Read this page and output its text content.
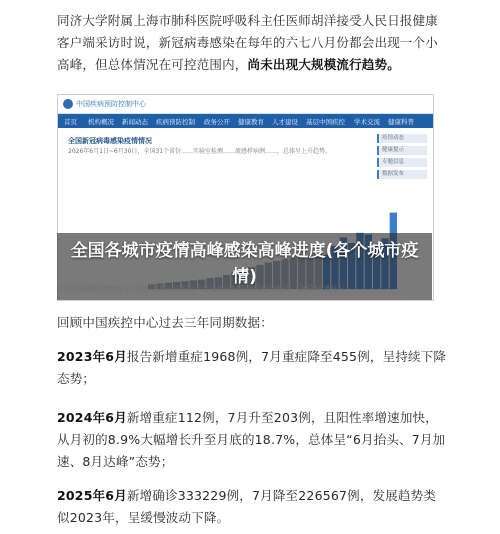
同济大学附属上海市肺科医院呼吸科主任医师胡洋接受人民日报健康客户端采访时说，新冠病毒感染在每年的六七八月份都会出现一个小高峰，但总体情况在可控范围内，尚未出现大规模流行趋势。
中国疾病预防控制中心
首页 机构概况 新闻动态 疾病预防控制 政务公开 健康教育 人才建设 基层中国疾控 学术交流 健康科普
全国新冠病毒感染疫情情况
2026年6月1日~6月30日，全国31个省份……实验室检测……流感样病例……，总体呈上升趋势。
疫情动态
健康提示
专题信息
数据发布
全国各城市疫情高峰感染高峰进度(各个城市疫情)
中国疾病预防控制中心官网7月8日发布的《全国新冠病毒感染疫情情况（2026年6月）》
回顾中国疾控中心过去三年同期数据：
2023年6月报告新增重症1968例，7月重症降至455例，呈持续下降态势；
2024年6月新增重症112例，7月升至203例，且阳性率增速加快，从月初的8.9%大幅增长升至月底的18.7%，总体呈“6月抬头、7月加速、8月达峰”态势；
2025年6月新增确诊333229例，7月降至226567例，发展趋势类似2023年，呈缓慢波动下降。
